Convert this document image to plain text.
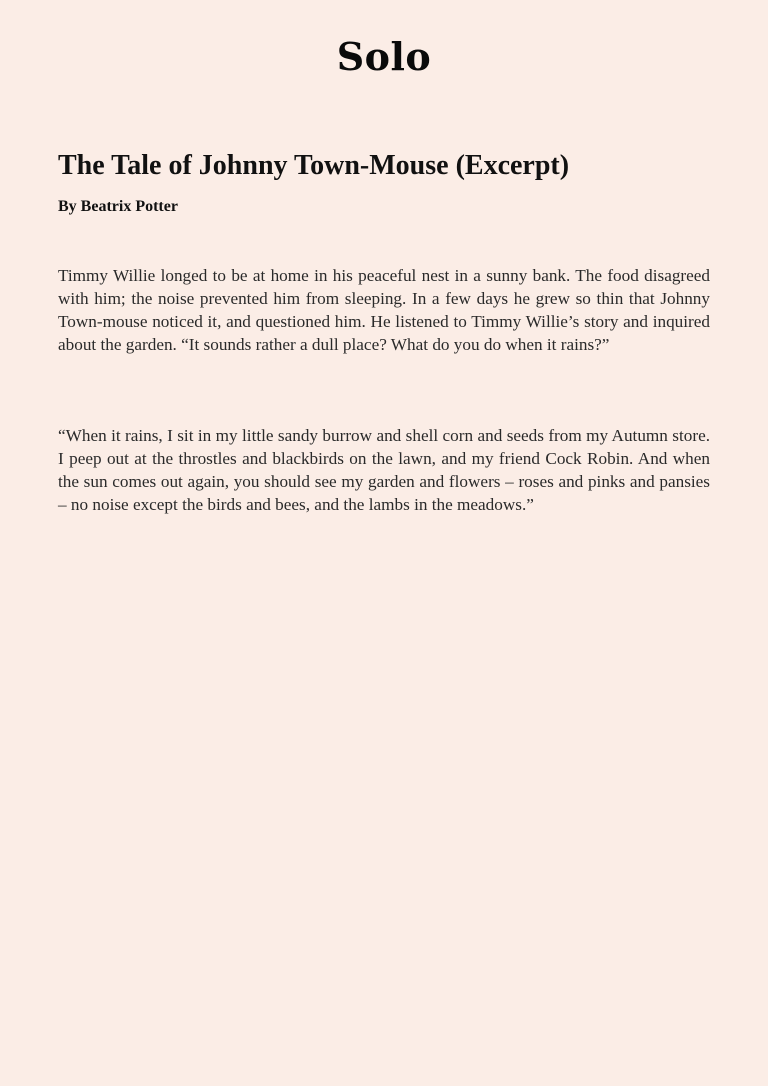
Solo
The Tale of Johnny Town-Mouse (Excerpt)
By Beatrix Potter

Timmy Willie longed to be at home in his peaceful nest in a sunny bank. The food disagreed with him; the noise prevented him from sleeping. In a few days he grew so thin that Johnny Town-mouse noticed it, and questioned him. He listened to Timmy Willie’s story and inquired about the garden. “It sounds rather a dull place? What do you do when it rains?”

“When it rains, I sit in my little sandy burrow and shell corn and seeds from my Autumn store. I peep out at the throstles and blackbirds on the lawn, and my friend Cock Robin. And when the sun comes out again, you should see my garden and flowers – roses and pinks and pansies – no noise except the birds and bees, and the lambs in the meadows.”
